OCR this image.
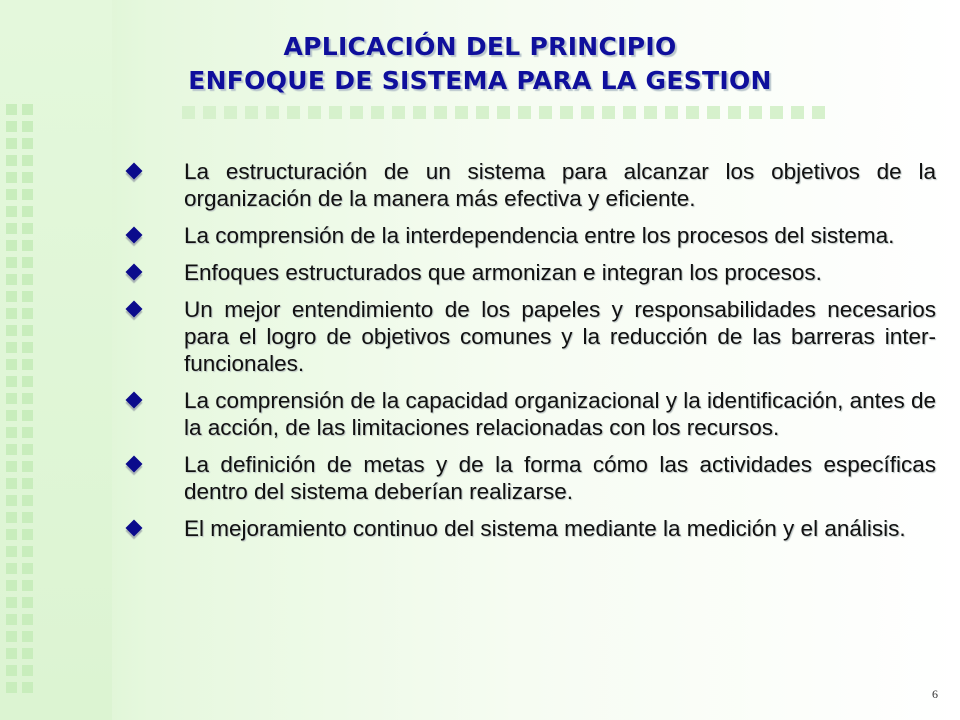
APLICACIÓN DEL PRINCIPIO
ENFOQUE DE SISTEMA PARA LA GESTION
La estructuración de un sistema para alcanzar los objetivos de la organización de la manera más efectiva y eficiente.
La comprensión de la interdependencia entre los procesos del sistema.
Enfoques estructurados que armonizan e integran los procesos.
Un mejor entendimiento de los papeles y responsabilidades necesarios para el logro de objetivos comunes y la reducción de las barreras inter-funcionales.
La comprensión de la capacidad organizacional y la identificación, antes de la acción, de las limitaciones relacionadas con los recursos.
La definición de metas y de la forma cómo las actividades específicas dentro del sistema deberían realizarse.
El mejoramiento continuo del sistema mediante la medición y el análisis.
6
